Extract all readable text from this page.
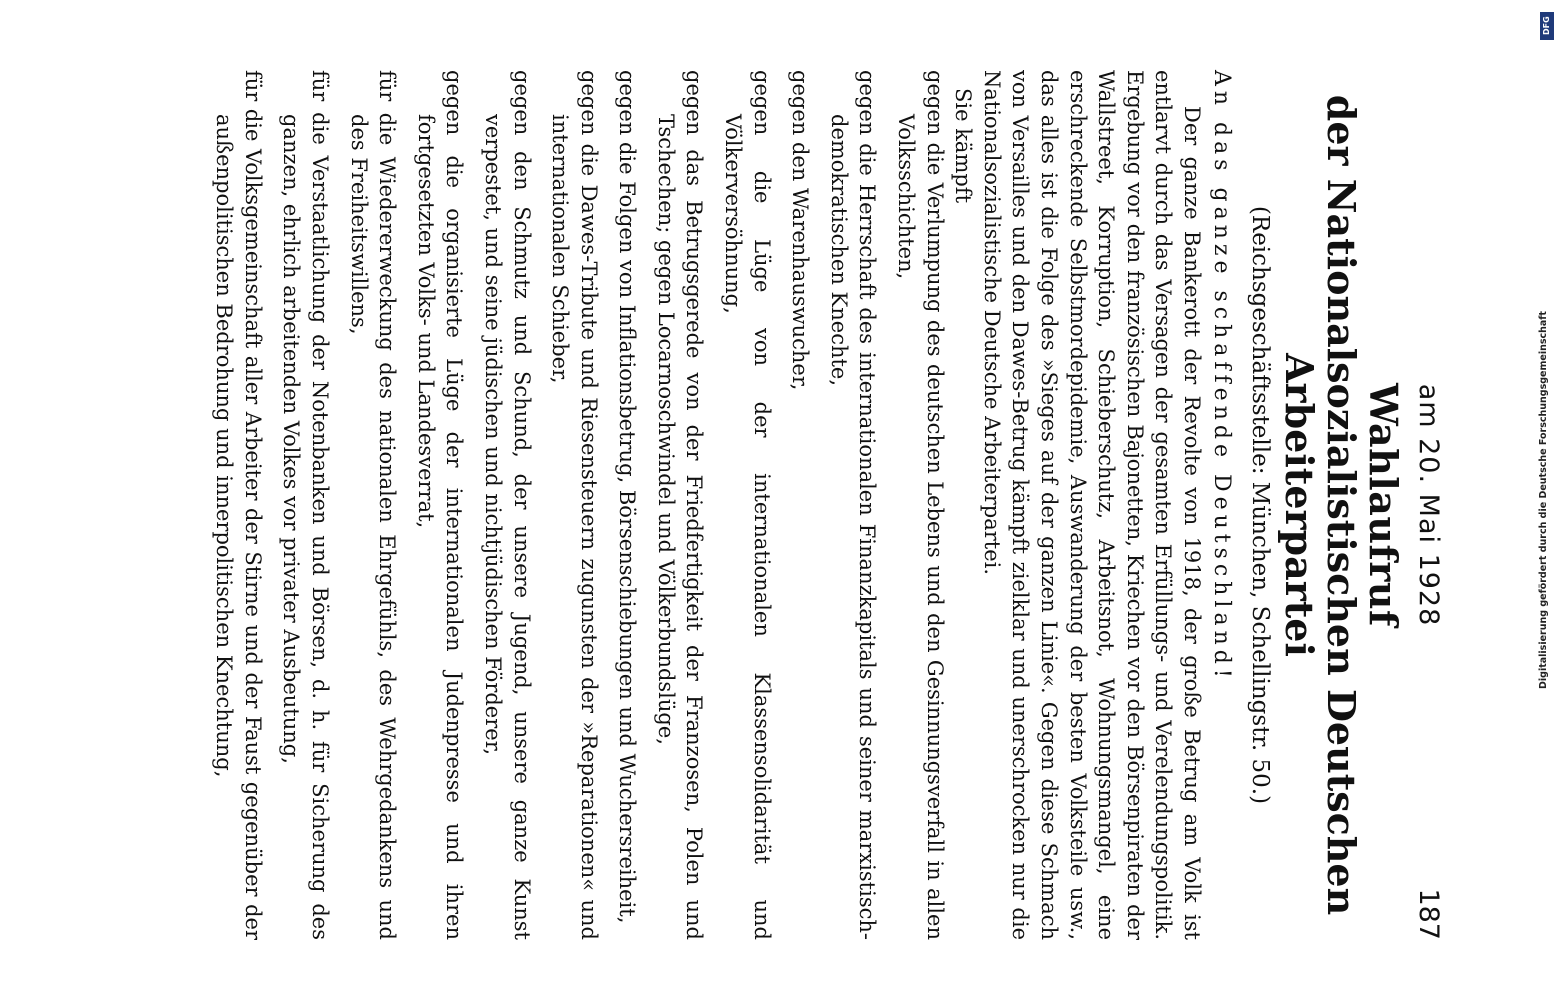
am 20. Mai 1928
187
Wahlaufruf
der Nationalsozialistischen Deutschen Arbeiterpartei
(Reichsgeschäftsstelle: München, Schellingstr. 50.)
An das ganze schaffende Deutschland!

Der ganze Bankerott der Revolte von 1918, der große Betrug am Volk ist entlarvt durch das Versagen der gesamten Erfüllungs- und Verelendungspolitik. Ergebung vor den französischen Bajonetten, Kriechen vor den Börsenpiraten der Wallstreet, Korruption, Schieberschutz, Arbeitsnot, Wohnungsmangel, eine erschreckende Selbstmordepidemie, Auswanderung der besten Volksteile usw., das alles ist die Folge des »Sieges auf der ganzen Linie«. Gegen diese Schmach von Versailles und den Dawes-Betrug kämpft zielklar und unerschrocken nur die Nationalsozialistische Deutsche Arbeiterpartei.

Sie kämpft

gegen die Verlumpung des deutschen Lebens und den Gesinnungsverfall in allen Volksschichten,

gegen die Herrschaft des internationalen Finanzkapitals und seiner marxistisch-demokratischen Knechte,

gegen den Warenhauswucher,

gegen die Lüge von der internationalen Klassensolidarität und Völkerversöhnung,

gegen das Betrugsgerede von der Friedfertigkeit der Franzosen, Polen und Tschechen; gegen Locarnoschwindel und Völkerbundslüge,

gegen die Folgen von Inflationsbetrug, Börsenschiebungen und Wuchersreiheit,

gegen die Dawes-Tribute und Riesensteuern zugunsten der »Reparationen« und internationalen Schieber,

gegen den Schmutz und Schund, der unsere Jugend, unsere ganze Kunst verpestet, und seine jüdischen und nichtjüdischen Förderer,

gegen die organisierte Lüge der internationalen Judenpresse und ihren fortgesetzten Volks- und Landesverrat,

für die Wiedererweckung des nationalen Ehrgefühls, des Wehrgedankens und des Freiheitswillens,

für die Verstaatlichung der Notenbanken und Börsen, d. h. für Sicherung des ganzen, ehrlich arbeitenden Volkes vor privater Ausbeutung,

für die Volksgemeinschaft aller Arbeiter der Stirne und der Faust gegenüber der außenpolitischen Bedrohung und innerpolitischen Knechtung,	Digitalisierung gefördert durch die Deutsche Forschungsgemeinschaft
DFG
